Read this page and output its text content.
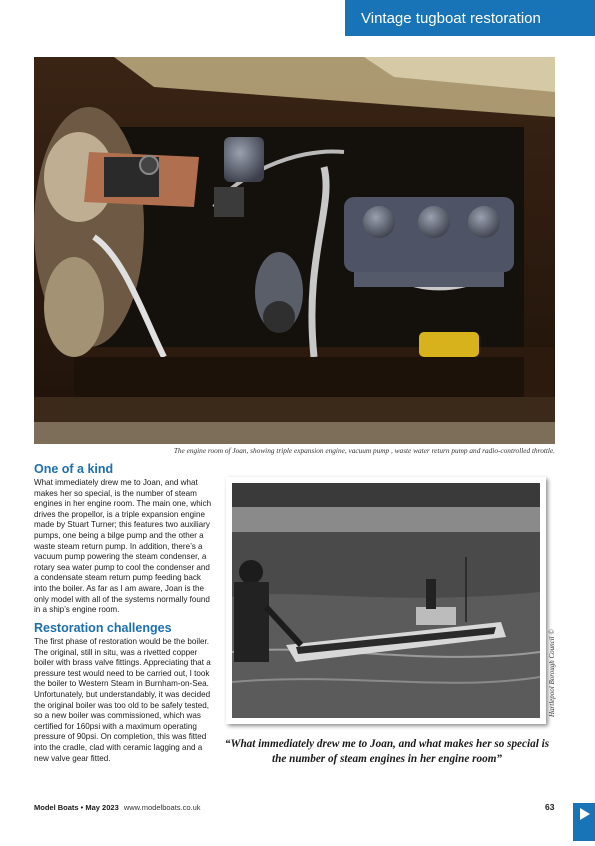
Vintage tugboat restoration
The engine room of Joan, showing triple expansion engine, vacuum pump , waste water return pump and radio-controlled throttle.
One of a kind

What immediately drew me to Joan, and what makes her so special, is the number of steam engines in her engine room. The main one, which drives the propellor, is a triple expansion engine made by Stuart Turner; this features two auxiliary pumps, one being a bilge pump and the other a waste steam return pump. In addition, there’s a vacuum pump powering the steam condenser, a rotary sea water pump to cool the condenser and a condensate steam return pump feeding back into the boiler. As far as I am aware, Joan is the only model with all of the systems normally found in a ship’s engine room.

Restoration challenges

The first phase of restoration would be the boiler. The original, still in situ, was a rivetted copper boiler with brass valve fittings. Appreciating that a pressure test would need to be carried out, I took the boiler to Western Steam in Burnham-on-Sea. Unfortunately, but understandably, it was decided the original boiler was too old to be safely tested, so a new boiler was commissioned, which was certified for 160psi with a maximum operating pressure of 90psi. On completion, this was fitted into the cradle, clad with ceramic lagging and a new valve gear fitted.

Hartlepool Borough Council ©
“What immediately drew me to Joan, and what makes her so special is the number of steam engines in her engine room”
Model Boats • May 2023 www.modelboats.co.uk	63
